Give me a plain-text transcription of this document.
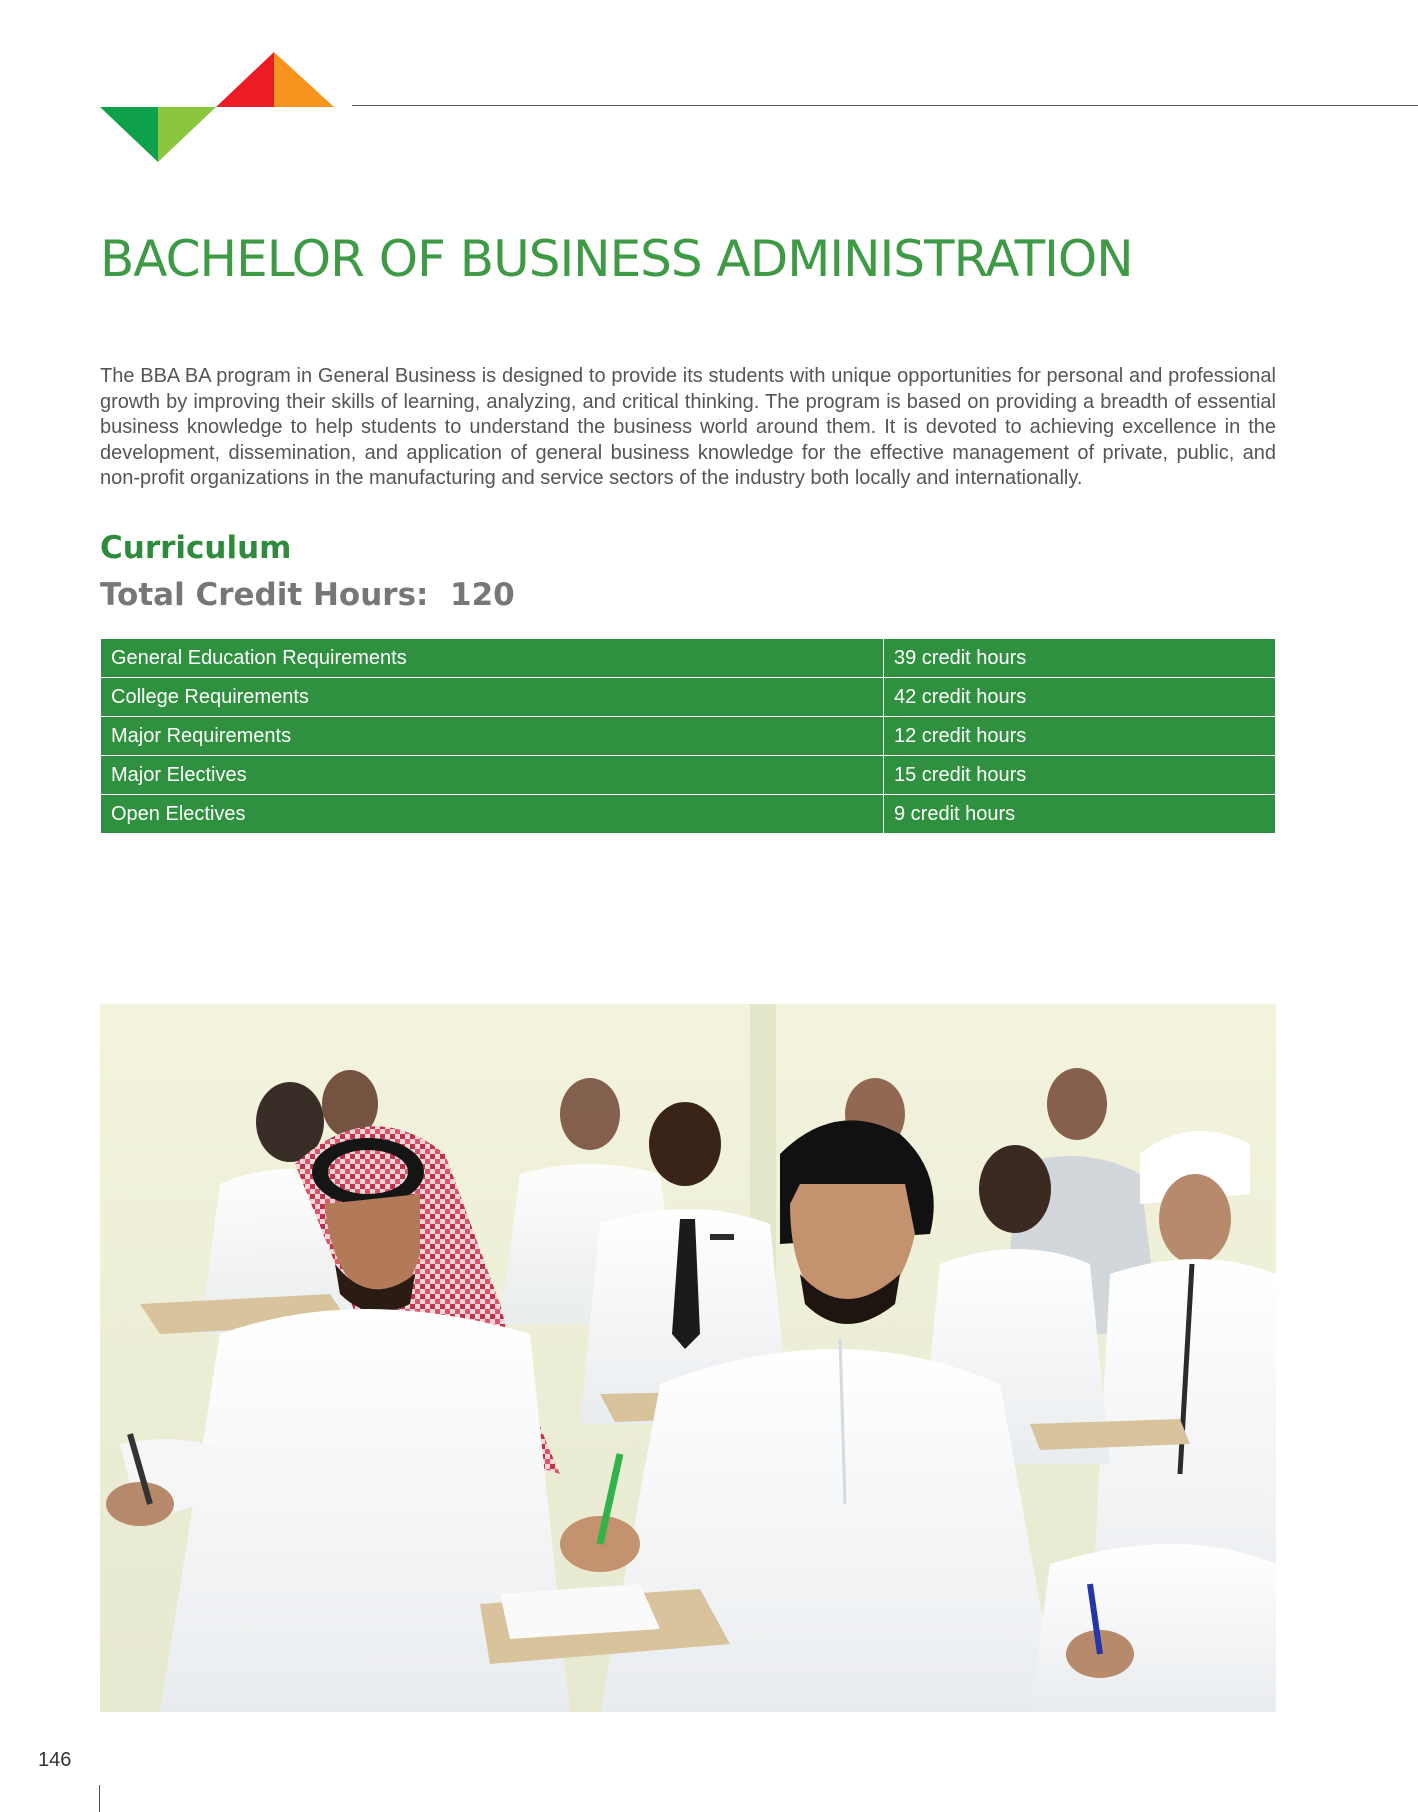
BACHELOR OF BUSINESS ADMINISTRATION

The BBA BA program in General Business is designed to provide its students with unique opportunities for personal and professional growth by improving their skills of learning, analyzing, and critical thinking. The program is based on providing a breadth of essential business knowledge to help students to understand the business world around them. It is devoted to achieving excellence in the development, dissemination, and application of general business knowledge for the effective management of private, public, and non-profit organizations in the manufacturing and service sectors of the industry both locally and internationally.

Curriculum
Total Credit Hours:  120
General Education Requirements	39 credit hours
College Requirements	42 credit hours
Major Requirements	12 credit hours
Major Electives	15 credit hours
Open Electives	9 credit hours

146
